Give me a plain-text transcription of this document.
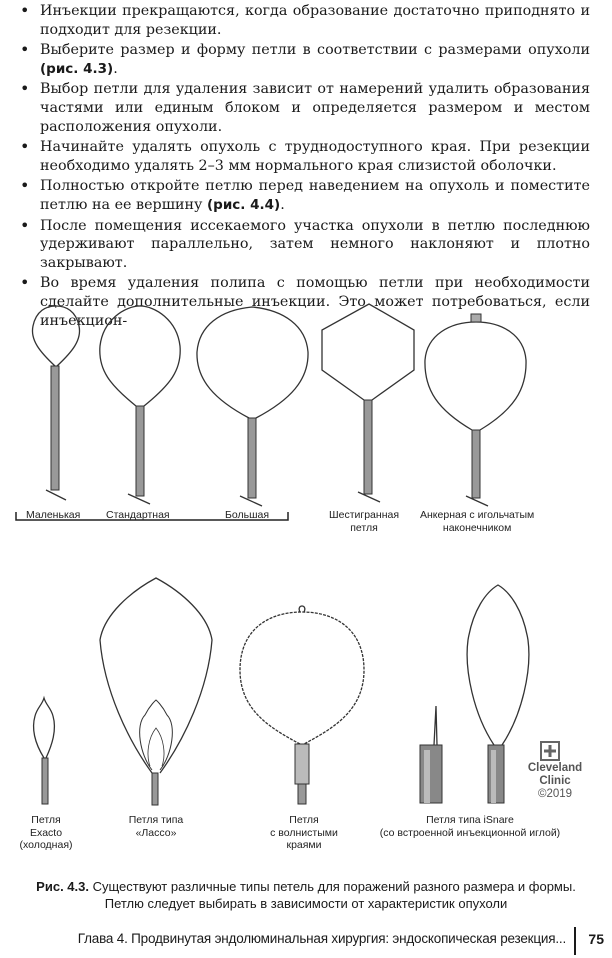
• Инъекции прекращаются, когда образование достаточно приподнято и подходит для резекции.
• Выберите размер и форму петли в соответствии с размерами опухоли (рис. 4.3).
• Выбор петли для удаления зависит от намерений удалить образования частями или единым блоком и определяется размером и местом расположения опухоли.
• Начинайте удалять опухоль с труднодоступного края. При резекции необходимо удалять 2–3 мм нормального края слизистой оболочки.
• Полностью откройте петлю перед наведением на опухоль и поместите петлю на ее вершину (рис. 4.4).
• После помещения иссекаемого участка опухоли в петлю последнюю удерживают параллельно, затем немного наклоняют и плотно закрывают.
• Во время удаления полипа с помощью петли при необходимости сделайте дополнительные инъекции. Это может потребоваться, если инъекцион-
Маленькая Стандартная	Большая	Шестигранная
петля
Анкерная с игольчатым
наконечником
Петля
Exacto
(холодная)
Петля типа
«Лассо»
Петля
с волнистыми
краями
Петля типа iSnare
(со встроенной инъекционной иглой)
Cleveland
Clinic
©2019
Рис. 4.3. Существуют различные типы петель для поражений разного размера и формы.
Петлю следует выбирать в зависимости от характеристик опухоли
Глава 4. Продвинутая эндолюминальная хирургия: эндоскопическая резекция... 75
